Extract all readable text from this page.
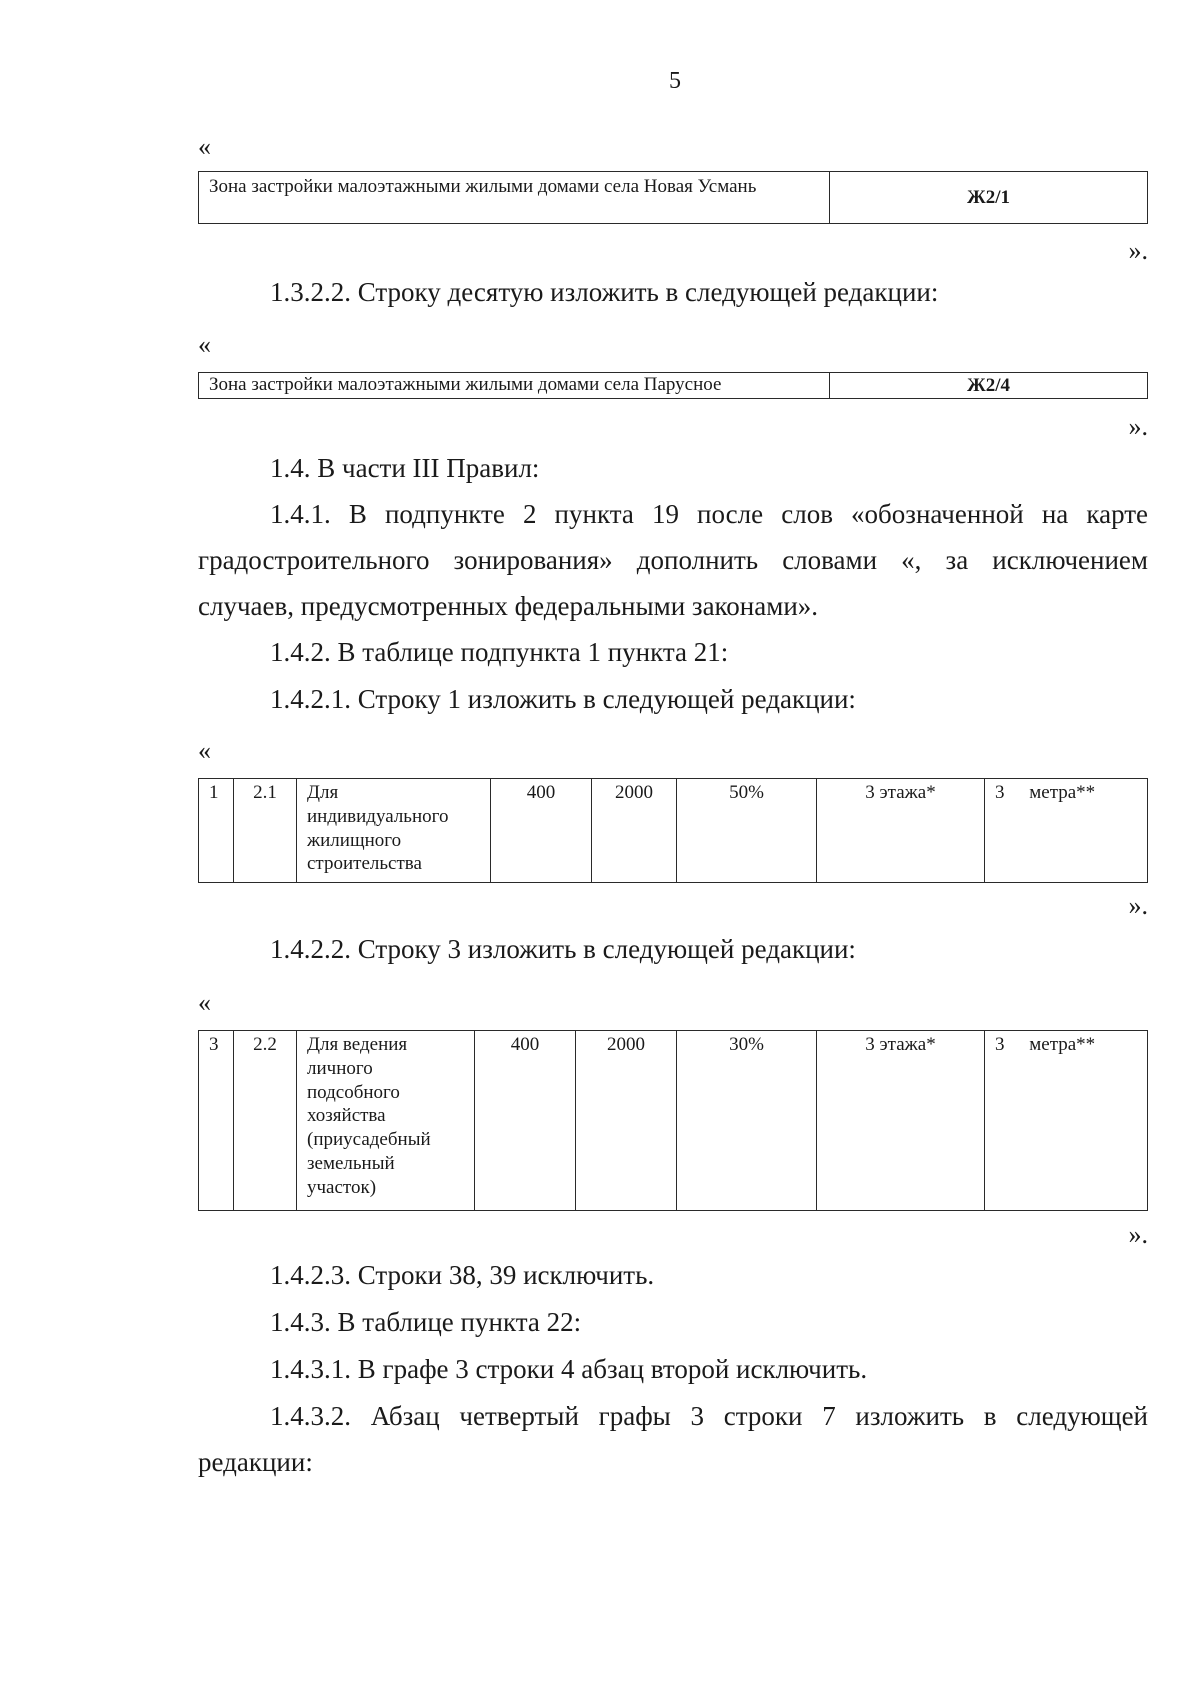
5
«
Зона застройки малоэтажными жилыми домами села Новая Усмань	Ж2/1
».
1.3.2.2. Строку десятую изложить в следующей редакции:
«
Зона застройки малоэтажными жилыми домами села Парусное	Ж2/4
».
1.4. В части III Правил:
1.4.1. В подпункте 2 пункта 19 после слов «обозначенной на карте
градостроительного зонирования» дополнить словами «, за исключением
случаев, предусмотренных федеральными законами».
1.4.2. В таблице подпункта 1 пункта 21:
1.4.2.1. Строку 1 изложить в следующей редакции:
«
1	2.1	Для
индивидуального
жилищного
строительства
	400	2000	50%	3 этажа*	3 метра**
».
1.4.2.2. Строку 3 изложить в следующей редакции:
«
3	2.2	Для ведения
личного
подсобного
хозяйства
(приусадебный
земельный
участок)
	400	2000	30%	3 этажа*	3 метра**
».
1.4.2.3. Строки 38, 39 исключить.
1.4.3. В таблице пункта 22:
1.4.3.1. В графе 3 строки 4 абзац второй исключить.
1.4.3.2. Абзац четвертый графы 3 строки 7 изложить в следующей
редакции:
